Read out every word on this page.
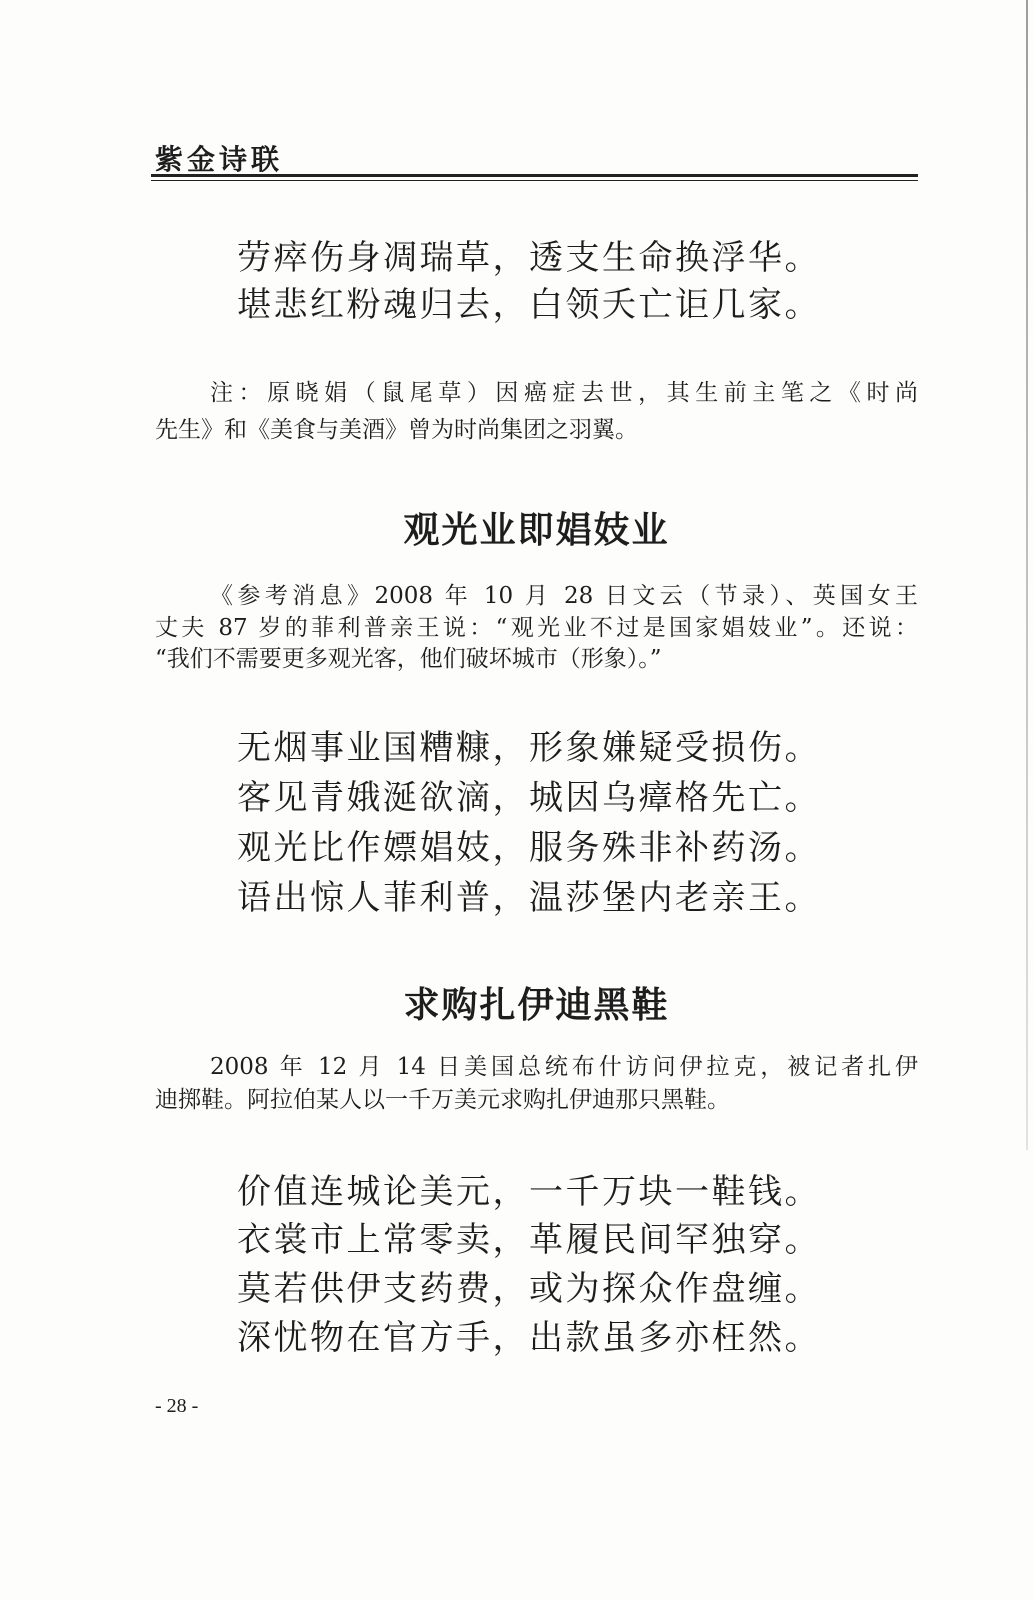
紫金诗联
劳瘁伤身凋瑞草，透支生命换浮华。
堪悲红粉魂归去，白领夭亡讵几家。
注：原晓娟（鼠尾草）因癌症去世，其生前主笔之《时尚
先生》和《美食与美酒》曾为时尚集团之羽翼。
观光业即娼妓业
《参考消息》2008 年 10 月 28 日文云（节录）、英国女王
丈夫 87 岁的菲利普亲王说：“观光业不过是国家娼妓业”。还说：
“我们不需要更多观光客，他们破坏城市（形象）。”
无烟事业国糟糠，形象嫌疑受损伤。
客见青娥涎欲滴，城因乌瘴格先亡。
观光比作嫖娼妓，服务殊非补药汤。
语出惊人菲利普，温莎堡内老亲王。
求购扎伊迪黑鞋
2008 年 12 月 14 日美国总统布什访问伊拉克，被记者扎伊
迪掷鞋。阿拉伯某人以一千万美元求购扎伊迪那只黑鞋。
价值连城论美元，一千万块一鞋钱。
衣裳市上常零卖，革履民间罕独穿。
莫若供伊支药费，或为探众作盘缠。
深忧物在官方手，出款虽多亦枉然。
- 28 -
